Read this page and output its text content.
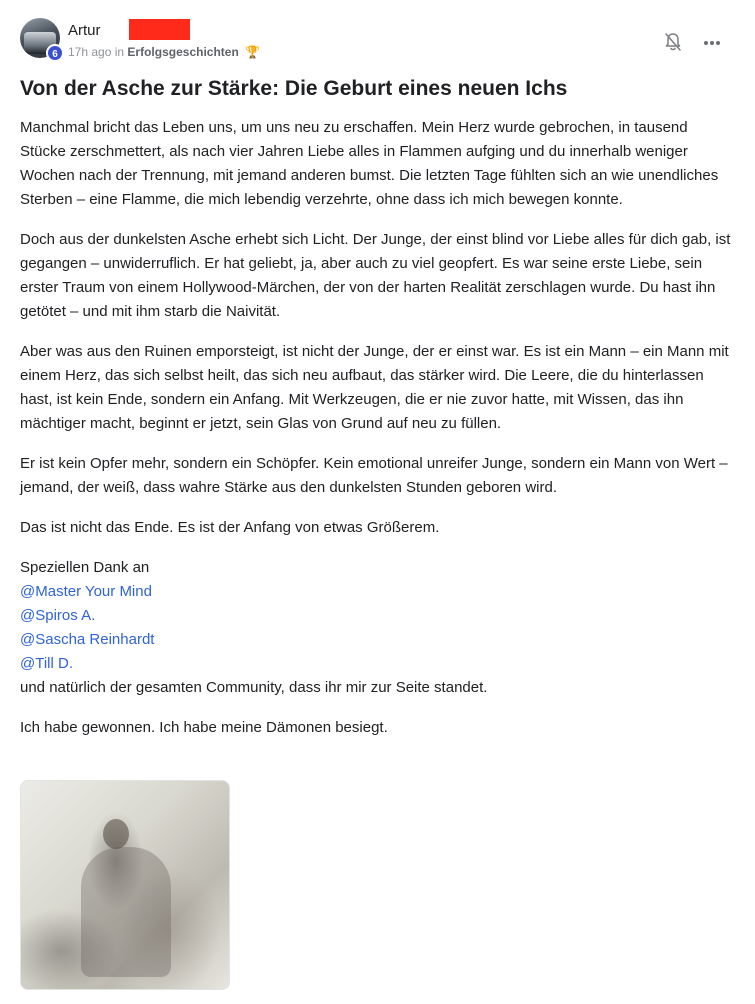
6
Artur
17h ago in Erfolgsgeschichten 🏆
Von der Asche zur Stärke: Die Geburt eines neuen Ichs

Manchmal bricht das Leben uns, um uns neu zu erschaffen. Mein Herz wurde gebrochen, in tausend Stücke zerschmettert, als nach vier Jahren Liebe alles in Flammen aufging und du innerhalb weniger Wochen nach der Trennung, mit jemand anderen bumst. Die letzten Tage fühlten sich an wie unendliches Sterben – eine Flamme, die mich lebendig verzehrte, ohne dass ich mich bewegen konnte.

Doch aus der dunkelsten Asche erhebt sich Licht. Der Junge, der einst blind vor Liebe alles für dich gab, ist gegangen – unwiderruflich. Er hat geliebt, ja, aber auch zu viel geopfert. Es war seine erste Liebe, sein erster Traum von einem Hollywood-Märchen, der von der harten Realität zerschlagen wurde. Du hast ihn getötet – und mit ihm starb die Naivität.

Aber was aus den Ruinen emporsteigt, ist nicht der Junge, der er einst war. Es ist ein Mann – ein Mann mit einem Herz, das sich selbst heilt, das sich neu aufbaut, das stärker wird. Die Leere, die du hinterlassen hast, ist kein Ende, sondern ein Anfang. Mit Werkzeugen, die er nie zuvor hatte, mit Wissen, das ihn mächtiger macht, beginnt er jetzt, sein Glas von Grund auf neu zu füllen.

Er ist kein Opfer mehr, sondern ein Schöpfer. Kein emotional unreifer Junge, sondern ein Mann von Wert – jemand, der weiß, dass wahre Stärke aus den dunkelsten Stunden geboren wird.

Das ist nicht das Ende. Es ist der Anfang von etwas Größerem.

Speziellen Dank an
@Master Your Mind
@Spiros A.
@Sascha Reinhardt
@Till D.
und natürlich der gesamten Community, dass ihr mir zur Seite standet.

Ich habe gewonnen. Ich habe meine Dämonen besiegt.
